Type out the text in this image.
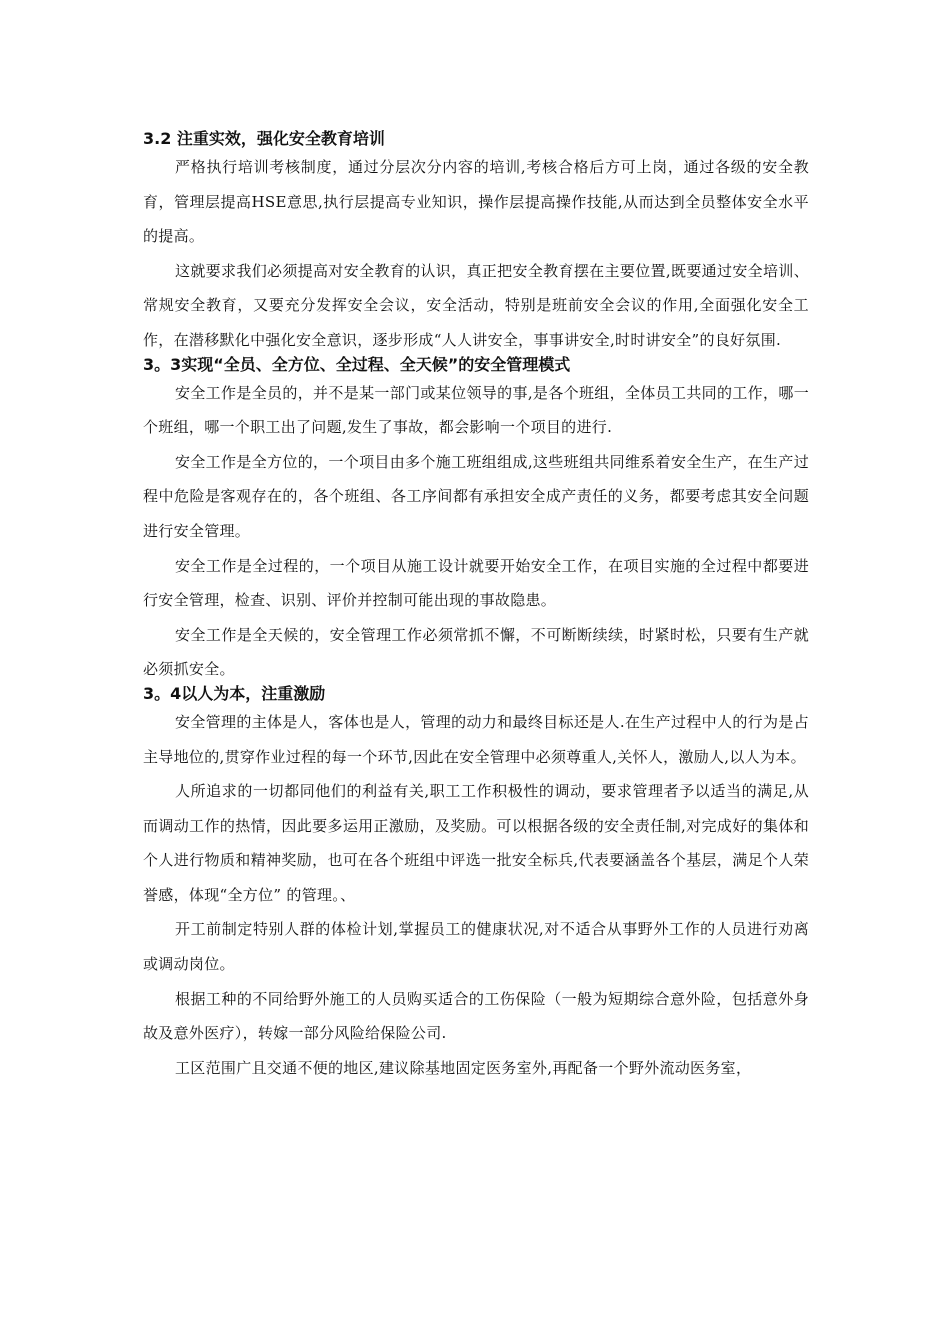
3.2 注重实效，强化安全教育培训

严格执行培训考核制度，通过分层次分内容的培训,考核合格后方可上岗，通过各级的安全教育，管理层提高HSE意思,执行层提高专业知识，操作层提高操作技能,从而达到全员整体安全水平的提高。

这就要求我们必须提高对安全教育的认识，真正把安全教育摆在主要位置,既要通过安全培训、常规安全教育，又要充分发挥安全会议，安全活动，特别是班前安全会议的作用,全面强化安全工作，在潜移默化中强化安全意识，逐步形成“人人讲安全，事事讲安全,时时讲安全”的良好氛围.

3。3实现“全员、全方位、全过程、全天候”的安全管理模式

安全工作是全员的，并不是某一部门或某位领导的事,是各个班组，全体员工共同的工作，哪一个班组，哪一个职工出了问题,发生了事故，都会影响一个项目的进行.

安全工作是全方位的，一个项目由多个施工班组组成,这些班组共同维系着安全生产，在生产过程中危险是客观存在的，各个班组、各工序间都有承担安全成产责任的义务，都要考虑其安全问题进行安全管理。

安全工作是全过程的，一个项目从施工设计就要开始安全工作，在项目实施的全过程中都要进行安全管理，检查、识别、评价并控制可能出现的事故隐患。

安全工作是全天候的，安全管理工作必须常抓不懈，不可断断续续，时紧时松，只要有生产就必须抓安全。

3。4以人为本，注重激励

安全管理的主体是人，客体也是人，管理的动力和最终目标还是人.在生产过程中人的行为是占主导地位的,贯穿作业过程的每一个环节,因此在安全管理中必须尊重人,关怀人，激励人,以人为本。

人所追求的一切都同他们的利益有关,职工工作积极性的调动，要求管理者予以适当的满足,从而调动工作的热情，因此要多运用正激励，及奖励。可以根据各级的安全责任制,对完成好的集体和个人进行物质和精神奖励，也可在各个班组中评选一批安全标兵,代表要涵盖各个基层，满足个人荣誉感，体现“全方位” 的管理。、

开工前制定特别人群的体检计划,掌握员工的健康状况,对不适合从事野外工作的人员进行劝离或调动岗位。

根据工种的不同给野外施工的人员购买适合的工伤保险（一般为短期综合意外险，包括意外身故及意外医疗），转嫁一部分风险给保险公司.

工区范围广且交通不便的地区,建议除基地固定医务室外,再配备一个野外流动医务室，
